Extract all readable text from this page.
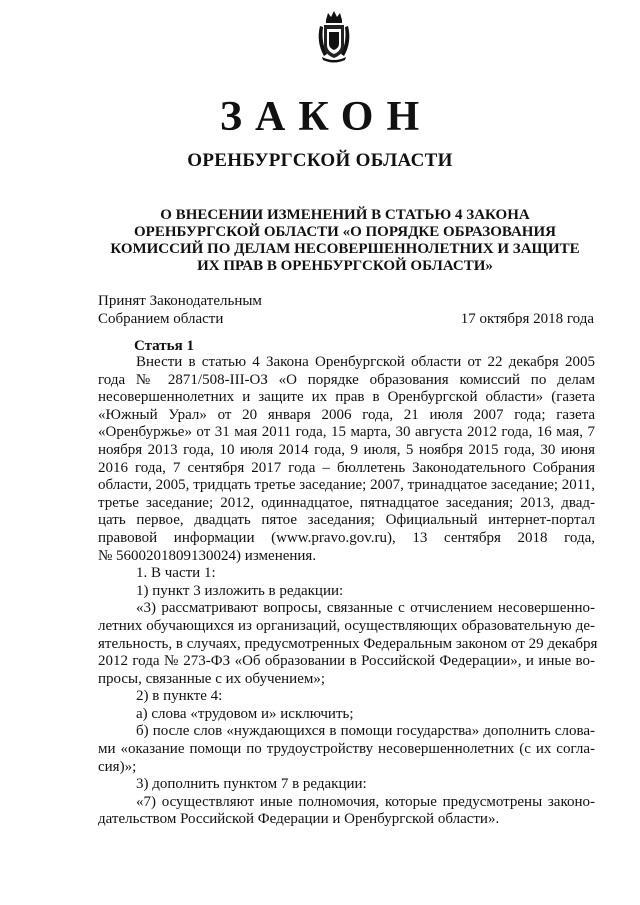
ЗАКОН
ОРЕНБУРГСКОЙ ОБЛАСТИ
О ВНЕСЕНИИ ИЗМЕНЕНИЙ В СТАТЬЮ 4 ЗАКОНА
ОРЕНБУРГСКОЙ ОБЛАСТИ «О ПОРЯДКЕ ОБРАЗОВАНИЯ
КОМИССИЙ ПО ДЕЛАМ НЕСОВЕРШЕННОЛЕТНИХ И ЗАЩИТЕ
ИХ ПРАВ В ОРЕНБУРГСКОЙ ОБЛАСТИ»
Принят Законодательным
Собранием области	17 октября 2018 года
Статья 1
Внести в статью 4 Закона Оренбургской области от 22 декабря 2005
года № 2871/508-III-ОЗ «О порядке образования комиссий по делам
несовершеннолетних и защите их прав в Оренбургской области» (газета
«Южный Урал» от 20 января 2006 года, 21 июля 2007 года; газета
«Оренбуржье» от 31 мая 2011 года, 15 марта, 30 августа 2012 года, 16 мая, 7
ноября 2013 года, 10 июля 2014 года, 9 июля, 5 ноября 2015 года, 30 июня
2016 года, 7 сентября 2017 года – бюллетень Законодательного Собрания
области, 2005, тридцать третье заседание; 2007, тринадцатое заседание; 2011,
третье заседание; 2012, одиннадцатое, пятнадцатое заседания; 2013, двад-
цать первое, двадцать пятое заседания; Официальный интернет-портал
правовой информации (www.pravo.gov.ru), 13 сентября 2018 года,
№ 5600201809130024) изменения.
1. В части 1:
1) пункт 3 изложить в редакции:
«3) рассматривают вопросы, связанные с отчислением несовершенно-
летних обучающихся из организаций, осуществляющих образовательную де-
ятельность, в случаях, предусмотренных Федеральным законом от 29 декабря
2012 года № 273-ФЗ «Об образовании в Российской Федерации», и иные во-
просы, связанные с их обучением»;
2) в пункте 4:
а) слова «трудовом и» исключить;
б) после слов «нуждающихся в помощи государства» дополнить слова-
ми «оказание помощи по трудоустройству несовершеннолетних (с их согла-
сия)»;
3) дополнить пунктом 7 в редакции:
«7) осуществляют иные полномочия, которые предусмотрены законо-
дательством Российской Федерации и Оренбургской области».
